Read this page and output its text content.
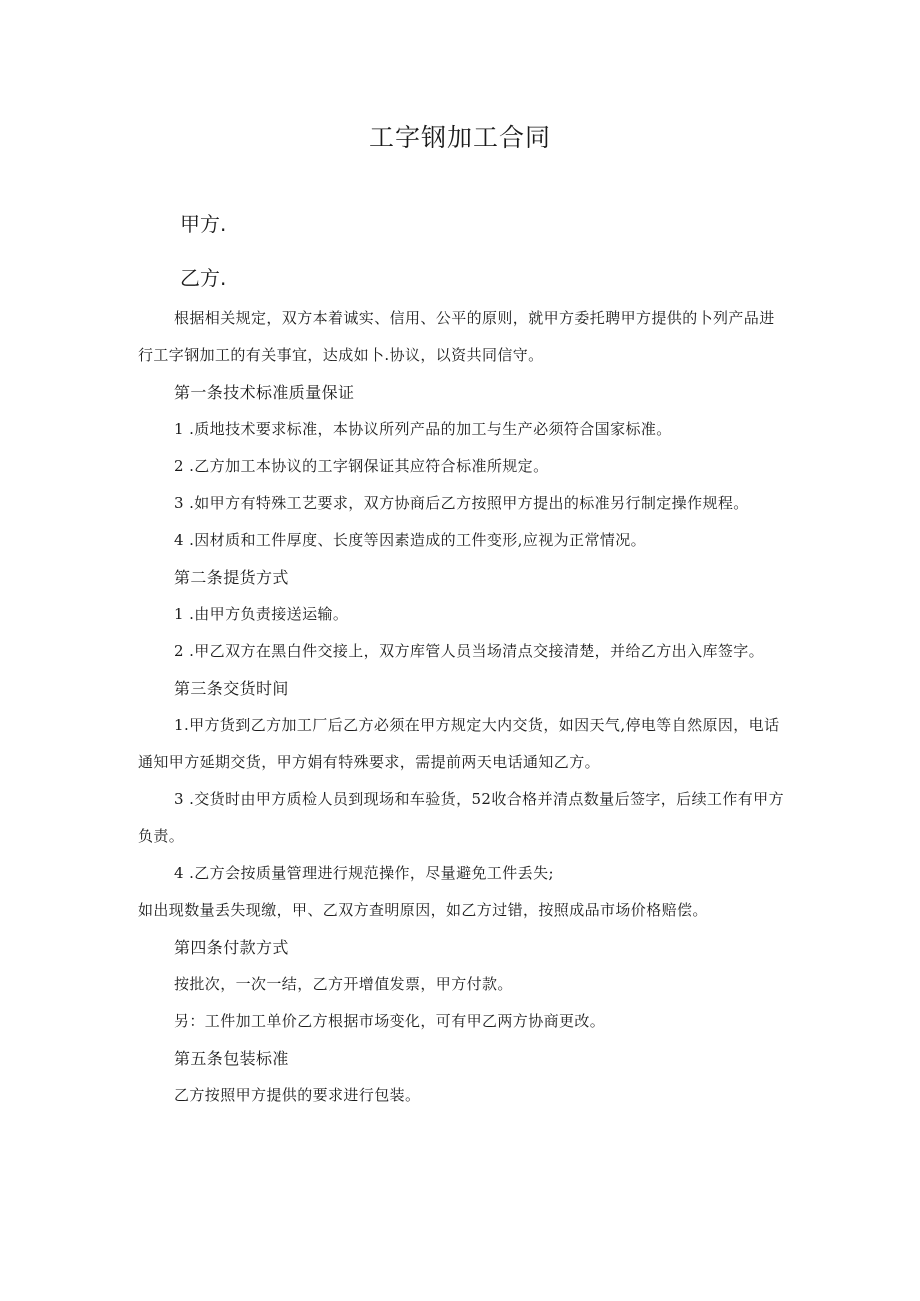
工字钢加工合同

甲方.

乙方.

根据相关规定，双方本着诚实、信用、公平的原则，就甲方委托聘甲方提供的卜列产品进行工字钢加工的有关事宜，达成如卜.协议，以资共同信守。

第一条技术标准质量保证

1 .质地技术要求标准，本协议所列产品的加工与生产必须符合国家标准。

2 .乙方加工本协议的工字钢保证其应符合标准所规定。

3 .如甲方有特殊工艺要求，双方协商后乙方按照甲方提出的标准另行制定操作规程。

4 .因材质和工件厚度、长度等因素造成的工件变形,应视为正常情况。

第二条提货方式

1 .由甲方负责接送运输。

2 .甲乙双方在黑白件交接上，双方库管人员当场清点交接清楚，并给乙方出入库签字。

第三条交货时间

1.甲方货到乙方加工厂后乙方必须在甲方规定大内交货，如因天气,停电等自然原因，电话通知甲方延期交货，甲方娟有特殊要求，需提前两天电话通知乙方。

3 .交货时由甲方质检人员到现场和车验货，52收合格并清点数量后签字，后续工作有甲方负责。

4 .乙方会按质量管理进行规范操作，尽量避免工件丢失;

如出现数量丢失现缴，甲、乙双方查明原因，如乙方过错，按照成品市场价格赔偿。

第四条付款方式

按批次，一次一结，乙方开增值发票，甲方付款。

另：工件加工单价乙方根据市场变化，可有甲乙两方协商更改。

第五条包装标准

乙方按照甲方提供的要求进行包装。
